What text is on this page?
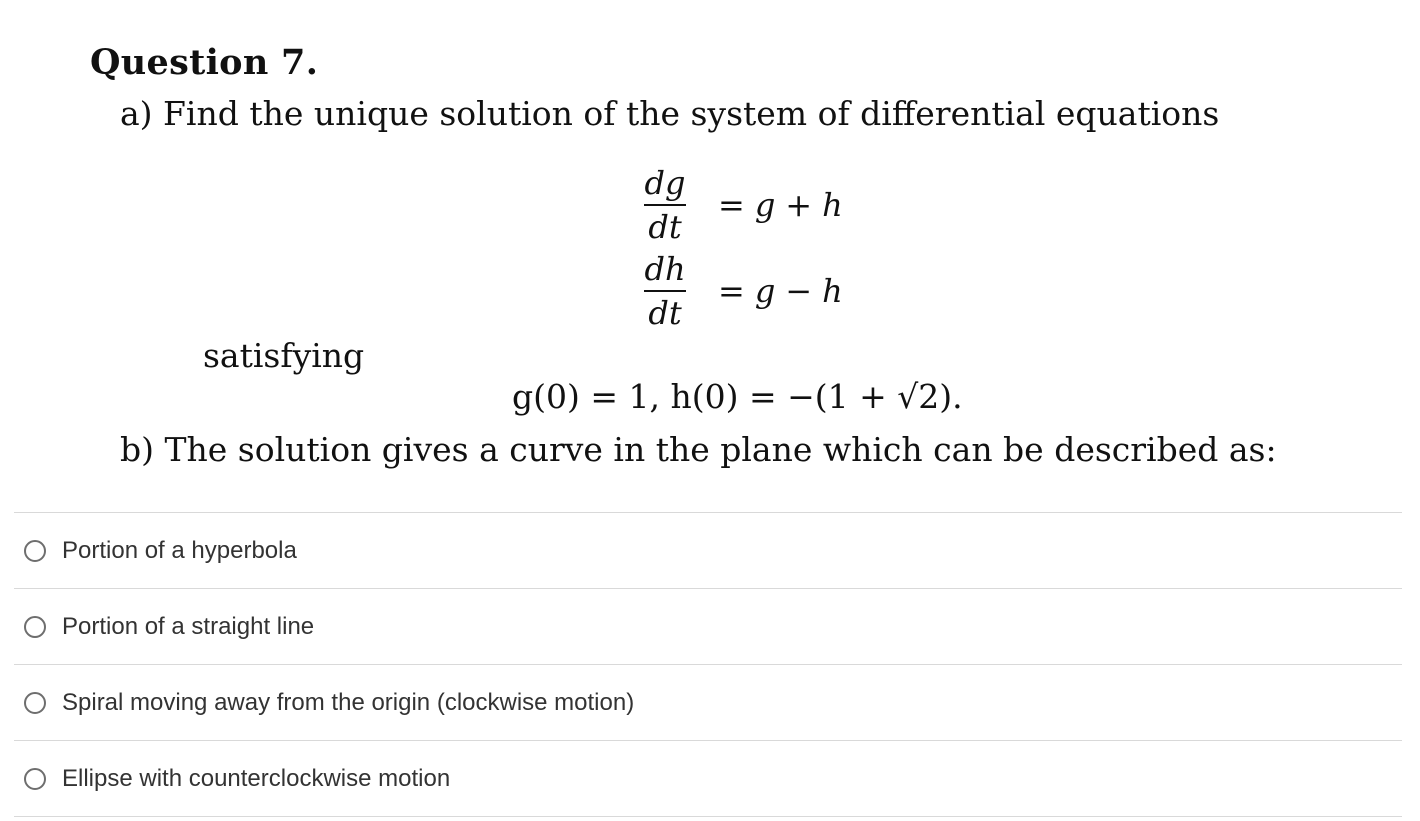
Question 7.
a) Find the unique solution of the system of differential equations
$\frac{dg}{dt} = g + h$
$\frac{dh}{dt} = g - h$
satisfying
g(0) = 1, h(0) = −(1 + √2).
b) The solution gives a curve in the plane which can be described as:
Portion of a hyperbola
Portion of a straight line
Spiral moving away from the origin (clockwise motion)
Ellipse with counterclockwise motion
